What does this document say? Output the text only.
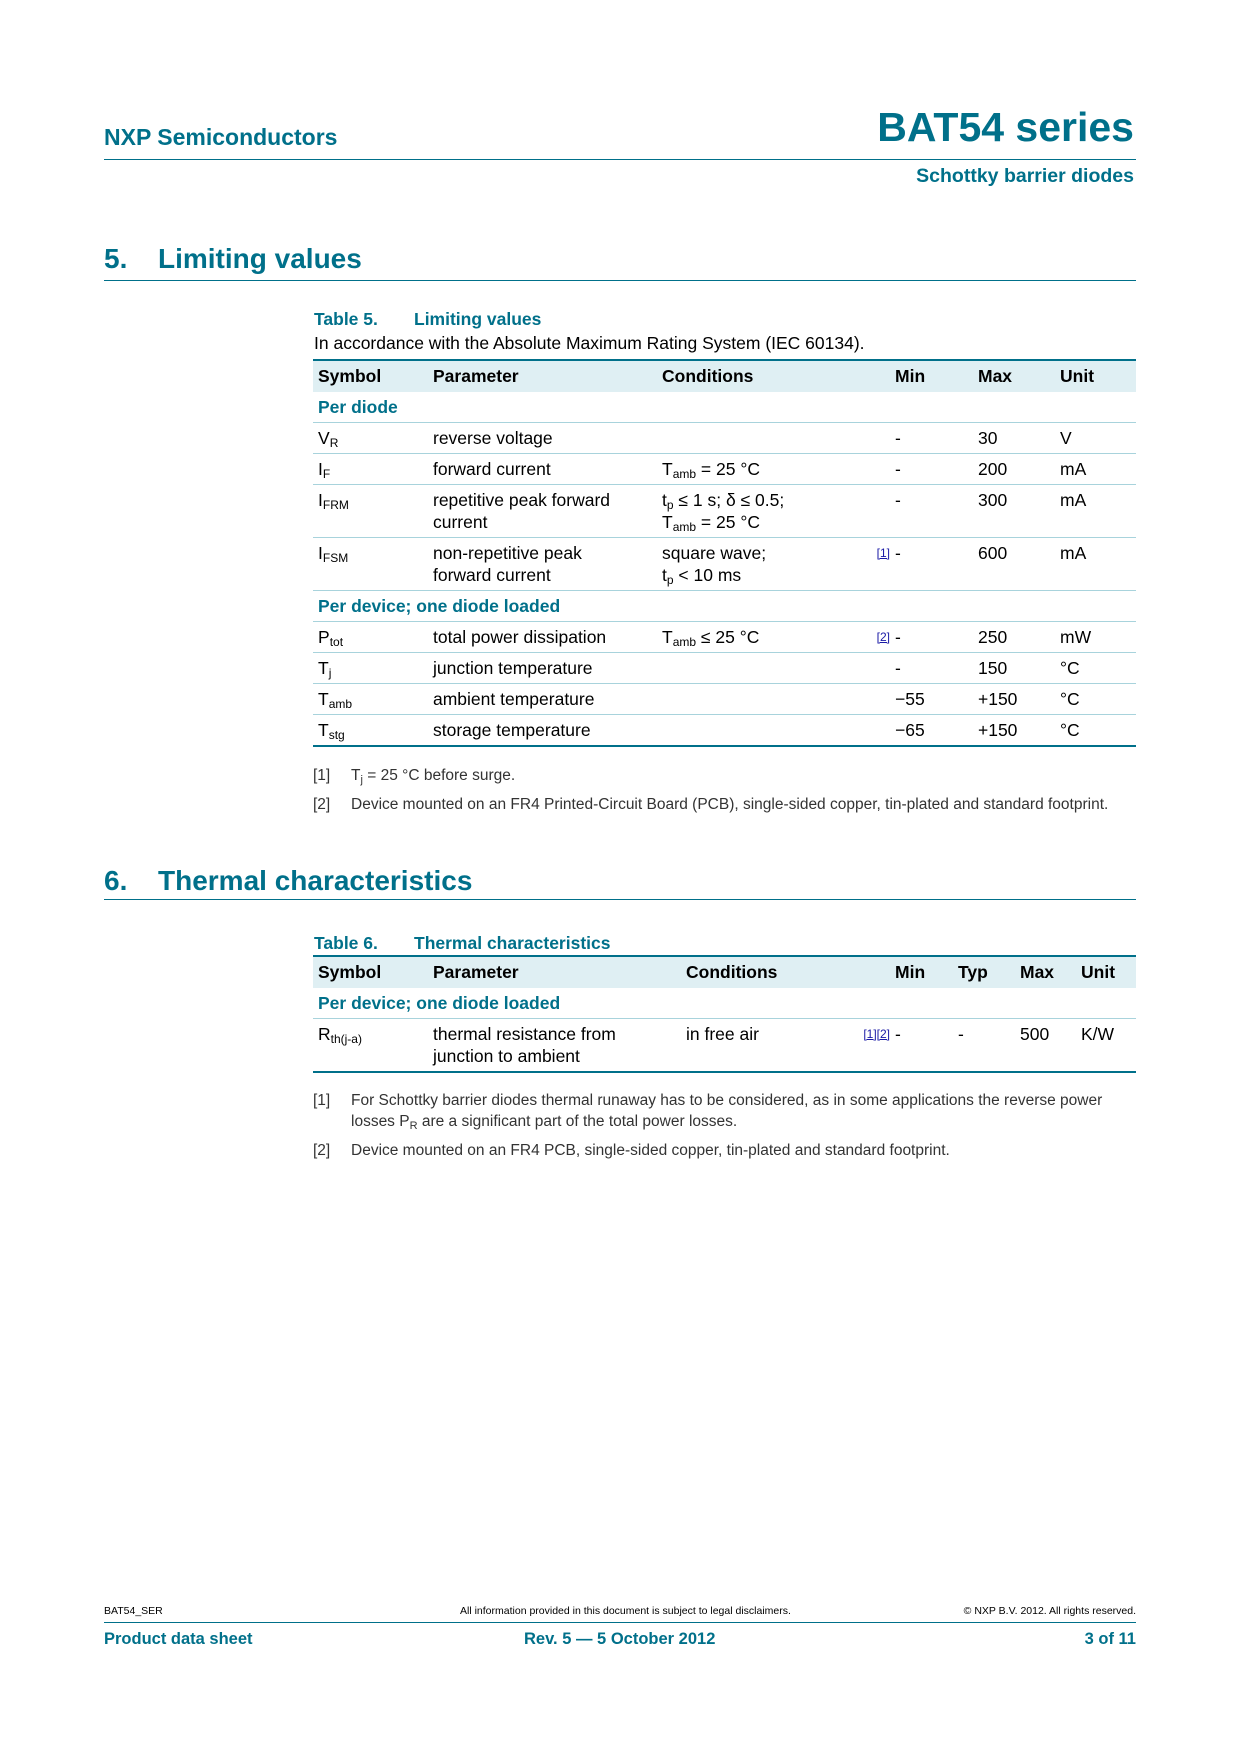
NXP Semiconductors	BAT54 series
Schottky barrier diodes
5. Limiting values
Table 5. Limiting values
In accordance with the Absolute Maximum Rating System (IEC 60134).
Symbol	Parameter	Conditions		Min	Max	Unit
Per diode						
$V_R$	reverse voltage			-	30	V
$I_F$	forward current	$T_{amb} = 25$ °C		-	200	mA
$I_{FRM}$	repetitive peak forward current	$t_p \le 1$ s; δ ≤ 0.5;
$T_{amb} = 25$ °C		-	300	mA
$I_{FSM}$	non-repetitive peak forward current	square wave;
$t_p < 10$ ms	[1]	-	600	mA
Per device; one diode loaded						
$P_{tot}$	total power dissipation	$T_{amb} \le 25$ °C	[2]	-	250	mW
$T_j$	junction temperature			-	150	°C
$T_{amb}$	ambient temperature			−55	+150	°C
$T_{stg}$	storage temperature			−65	+150	°C
[1] $T_j = 25$ °C before surge.
[2] Device mounted on an FR4 Printed-Circuit Board (PCB), single-sided copper, tin-plated and standard footprint.
6. Thermal characteristics
Table 6. Thermal characteristics
Symbol	Parameter	Conditions		Min	Typ	Max	Unit
Per device; one diode loaded							
$R_{th(j-a)}$	thermal resistance from junction to ambient	in free air	[1][2]	-	-	500	K/W
[1] For Schottky barrier diodes thermal runaway has to be considered, as in some applications the reverse power losses $P_R$ are a significant part of the total power losses.
[2] Device mounted on an FR4 PCB, single-sided copper, tin-plated and standard footprint.
BAT54_SER	All information provided in this document is subject to legal disclaimers.	© NXP B.V. 2012. All rights reserved.
Product data sheet	Rev. 5 — 5 October 2012	3 of 11
